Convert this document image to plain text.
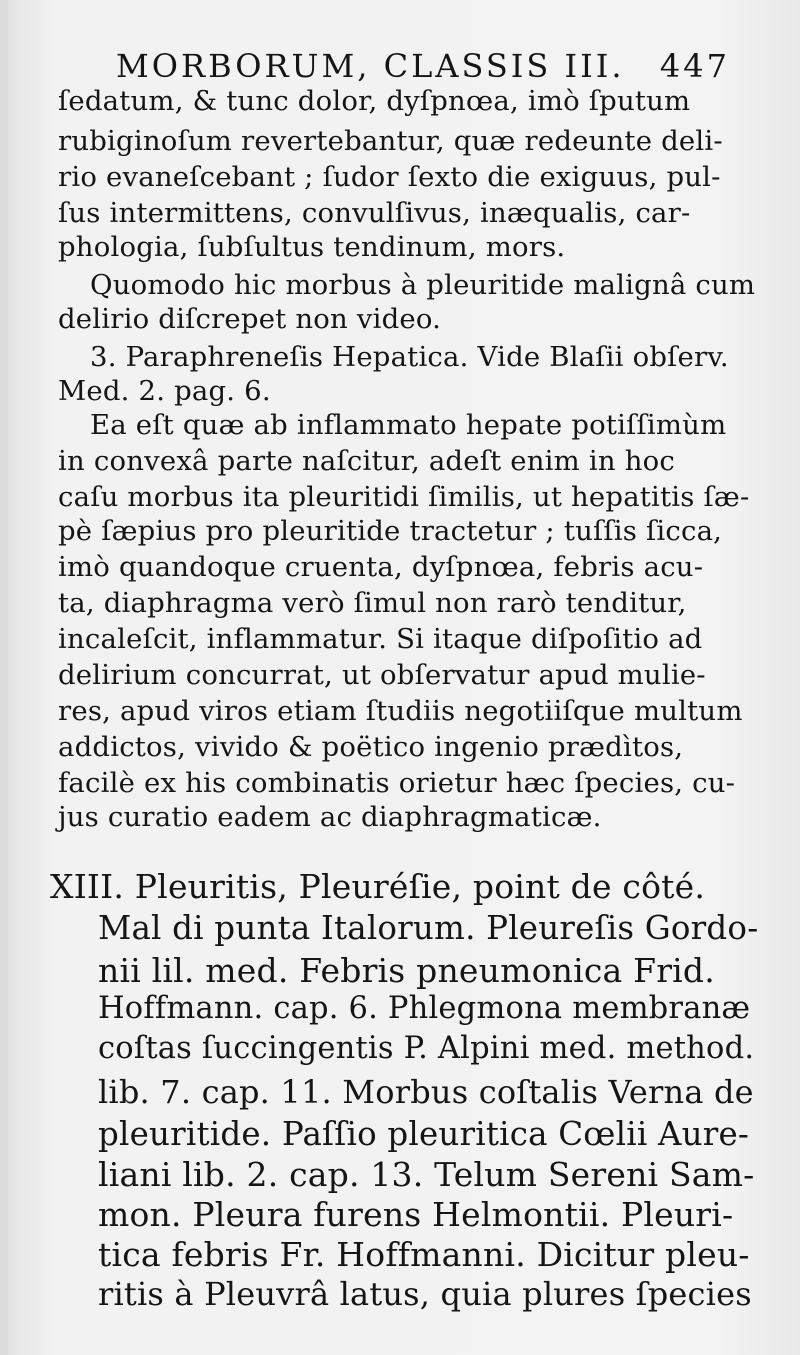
MORBORUM, CLASSIS III. 447
ſedatum, & tunc dolor, dyſpnœa, imò ſputum
rubiginoſum revertebantur, quæ redeunte deli-
rio evaneſcebant ; ſudor ſexto die exiguus, pul-
ſus intermittens, convulſivus, inæqualis, car-
phologia, ſubſultus tendinum, mors.
Quomodo hic morbus à pleuritide malignâ cum
delirio diſcrepet non video.
3. Paraphreneſis Hepatica. Vide Blaſii obſerv.
Med. 2. pag. 6.
Ea eſt quæ ab inflammato hepate potiſſimùm
in convexâ parte naſcitur, adeſt enim in hoc
caſu morbus ita pleuritidi ſimilis, ut hepatitis ſæ-
pè ſæpius pro pleuritide tractetur ; tuſſis ſicca,
imò quandoque cruenta, dyſpnœa, febris acu-
ta, diaphragma verò ſimul non rarò tenditur,
incaleſcit, inflammatur. Si itaque diſpoſitio ad
delirium concurrat, ut obſervatur apud mulie-
res, apud viros etiam ſtudiis negotiiſque multum
addictos, vivido & poëtico ingenio prædìtos,
facilè ex his combinatis orietur hæc ſpecies, cu-
jus curatio eadem ac diaphragmaticæ.
XIII. Pleuritis, Pleuréſie, point de côté.
Mal di punta Italorum. Pleureſis Gordo-
nii lil. med. Febris pneumonica Frid.
Hoffmann. cap. 6. Phlegmona membranæ
coſtas ſuccingentis P. Alpini med. method.
lib. 7. cap. 11. Morbus coſtalis Verna de
pleuritide. Paſſio pleuritica Cœlii Aure-
liani lib. 2. cap. 13. Telum Sereni Sam-
mon. Pleura furens Helmontii. Pleuri-
tica febris Fr. Hoffmanni. Dicitur pleu-
ritis à Pleuvrâ latus, quia plures ſpecies
